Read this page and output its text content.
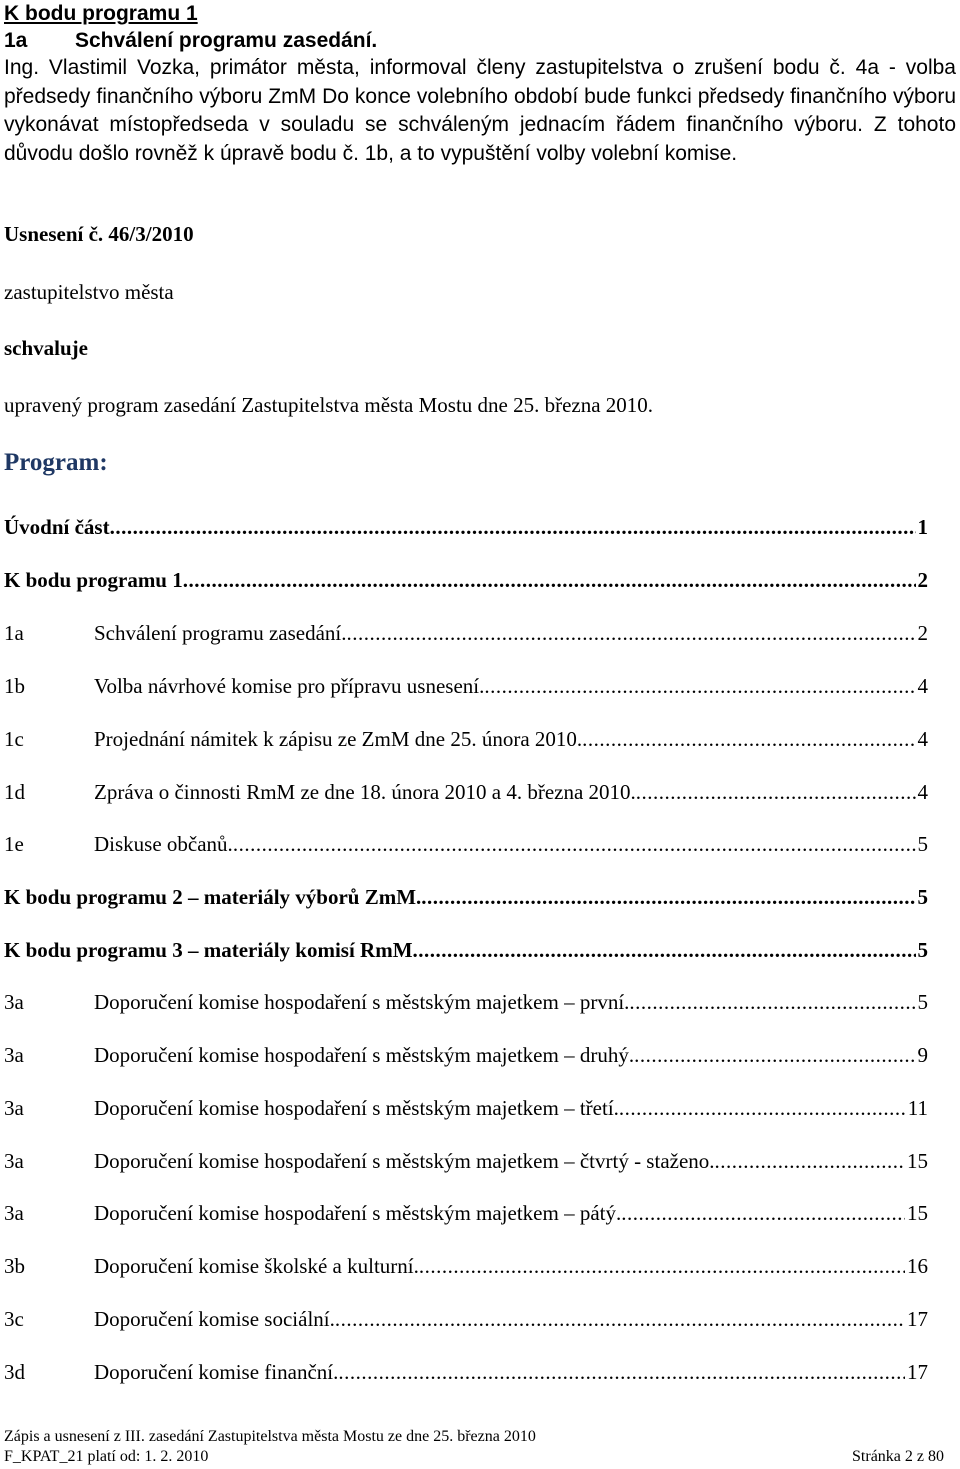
K bodu programu 1
1a Schválení programu zasedání.

Ing. Vlastimil Vozka, primátor města, informoval členy zastupitelstva o zrušení bodu č. 4a - volba předsedy finančního výboru ZmM Do konce volebního období bude funkci předsedy finančního výboru vykonávat místopředseda v souladu se schváleným jednacím řádem finančního výboru. Z tohoto důvodu došlo rovněž k úpravě bodu č. 1b, a to vypuštění volby volební komise.

Usnesení č. 46/3/2010

zastupitelstvo města

schvaluje

upravený program zasedání Zastupitelstva města Mostu dne 25. března 2010.

Program:

Úvodní část .....	1
K bodu programu 1 .....	2
1a	Schválení programu zasedání. .....	2
1b	Volba návrhové komise pro přípravu usnesení. .....	4
1c	Projednání námitek k zápisu ze ZmM dne 25. února 2010. .....	4
1d	Zpráva o činnosti RmM ze dne 18. února 2010 a 4. března 2010. .....	4
1e	Diskuse občanů. .....	5
K bodu programu 2 – materiály výborů ZmM. .....	5
K bodu programu 3 – materiály komisí RmM .....	5
3a	Doporučení komise hospodaření s městským majetkem – první. .....	5
3a	Doporučení komise hospodaření s městským majetkem – druhý. .....	9
3a	Doporučení komise hospodaření s městským majetkem – třetí. .....	11
3a	Doporučení komise hospodaření s městským majetkem – čtvrtý - staženo. .....	15
3a	Doporučení komise hospodaření s městským majetkem – pátý. .....	15
3b	Doporučení komise školské a kulturní. .....	16
3c	Doporučení komise sociální. .....	17
3d	Doporučení komise finanční. .....	17
Zápis a usnesení z III. zasedání Zastupitelstva města Mostu ze dne 25. března 2010
F_KPAT_21 platí od: 1. 2. 2010	Stránka 2 z 80
